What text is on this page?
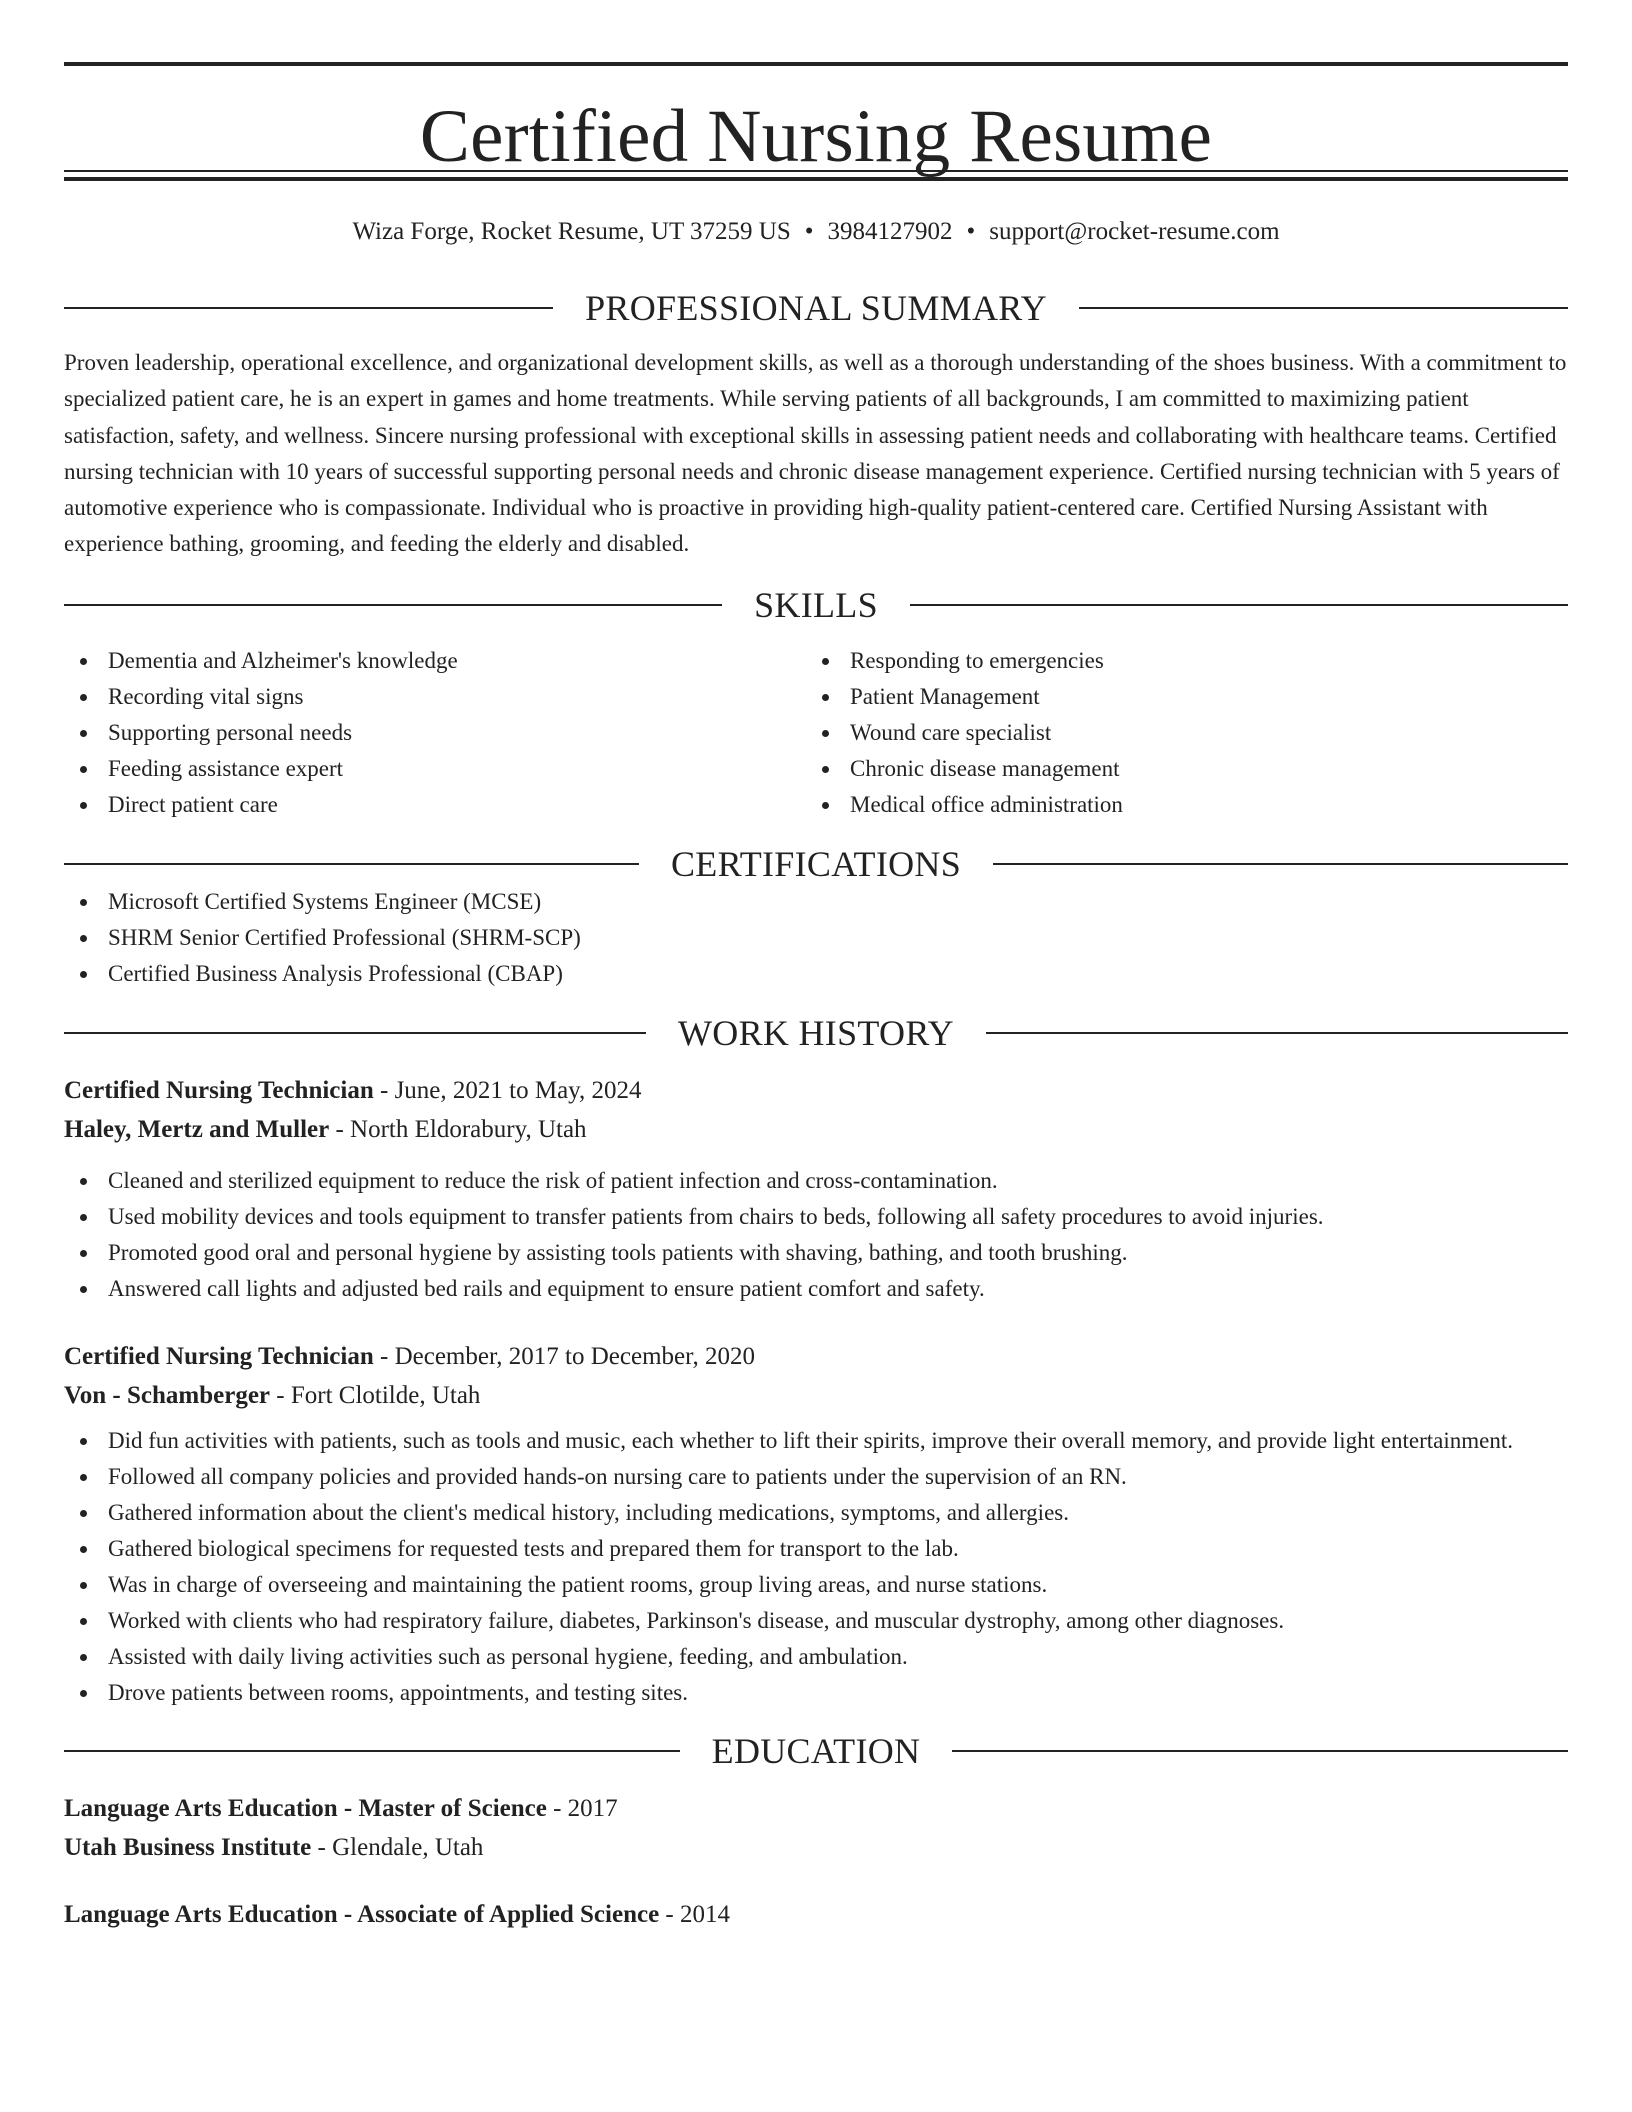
Certified Nursing Resume
Wiza Forge, Rocket Resume, UT 37259 US • 3984127902 • support@rocket-resume.com
PROFESSIONAL SUMMARY

Proven leadership, operational excellence, and organizational development skills, as well as a thorough understanding of the shoes business. With a commitment to specialized patient care, he is an expert in games and home treatments. While serving patients of all backgrounds, I am committed to maximizing patient satisfaction, safety, and wellness. Sincere nursing professional with exceptional skills in assessing patient needs and collaborating with healthcare teams. Certified nursing technician with 10 years of successful supporting personal needs and chronic disease management experience. Certified nursing technician with 5 years of automotive experience who is compassionate. Individual who is proactive in providing high-quality patient-centered care. Certified Nursing Assistant with experience bathing, grooming, and feeding the elderly and disabled.

SKILLS
Dementia and Alzheimer's knowledge
Recording vital signs
Supporting personal needs
Feeding assistance expert
Direct patient care
Responding to emergencies
Patient Management
Wound care specialist
Chronic disease management
Medical office administration
CERTIFICATIONS
Microsoft Certified Systems Engineer (MCSE)
SHRM Senior Certified Professional (SHRM-SCP)
Certified Business Analysis Professional (CBAP)
WORK HISTORY
Certified Nursing Technician - June, 2021 to May, 2024
Haley, Mertz and Muller - North Eldorabury, Utah
Cleaned and sterilized equipment to reduce the risk of patient infection and cross-contamination.
Used mobility devices and tools equipment to transfer patients from chairs to beds, following all safety procedures to avoid injuries.
Promoted good oral and personal hygiene by assisting tools patients with shaving, bathing, and tooth brushing.
Answered call lights and adjusted bed rails and equipment to ensure patient comfort and safety.
Certified Nursing Technician - December, 2017 to December, 2020
Von - Schamberger - Fort Clotilde, Utah
Did fun activities with patients, such as tools and music, each whether to lift their spirits, improve their overall memory, and provide light entertainment.
Followed all company policies and provided hands-on nursing care to patients under the supervision of an RN.
Gathered information about the client's medical history, including medications, symptoms, and allergies.
Gathered biological specimens for requested tests and prepared them for transport to the lab.
Was in charge of overseeing and maintaining the patient rooms, group living areas, and nurse stations.
Worked with clients who had respiratory failure, diabetes, Parkinson's disease, and muscular dystrophy, among other diagnoses.
Assisted with daily living activities such as personal hygiene, feeding, and ambulation.
Drove patients between rooms, appointments, and testing sites.
EDUCATION
Language Arts Education - Master of Science - 2017
Utah Business Institute - Glendale, Utah
Language Arts Education - Associate of Applied Science - 2014
